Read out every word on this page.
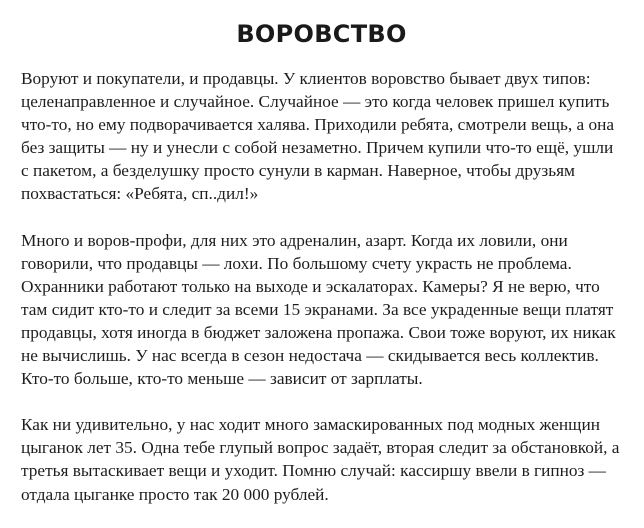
ВОРОВСТВО

Воруют и покупатели, и продавцы. У клиентов воровство бывает двух типов: целенаправленное и случайное. Случайное — это когда человек пришел купить что-то, но ему подворачивается халява. Приходили ребята, смотрели вещь, а она без защиты — ну и унесли с собой незаметно. Причем купили что-то ещё, ушли с пакетом, а безделушку просто сунули в карман. Наверное, чтобы друзьям похвастаться: «Ребята, сп..дил!»

Много и воров-профи, для них это адреналин, азарт. Когда их ловили, они говорили, что продавцы — лохи. По большому счету украсть не проблема. Охранники работают только на выходе и эскалаторах. Камеры? Я не верю, что там сидит кто-то и следит за всеми 15 экранами. За все украденные вещи платят продавцы, хотя иногда в бюджет заложена пропажа. Свои тоже воруют, их никак не вычислишь. У нас всегда в сезон недостача — скидывается весь коллектив. Кто-то больше, кто-то меньше — зависит от зарплаты.

Как ни удивительно, у нас ходит много замаскированных под модных женщин цыганок лет 35. Одна тебе глупый вопрос задаёт, вторая следит за обстановкой, а третья вытаскивает вещи и уходит. Помню случай: кассиршу ввели в гипноз — отдала цыганке просто так 20 000 рублей.
